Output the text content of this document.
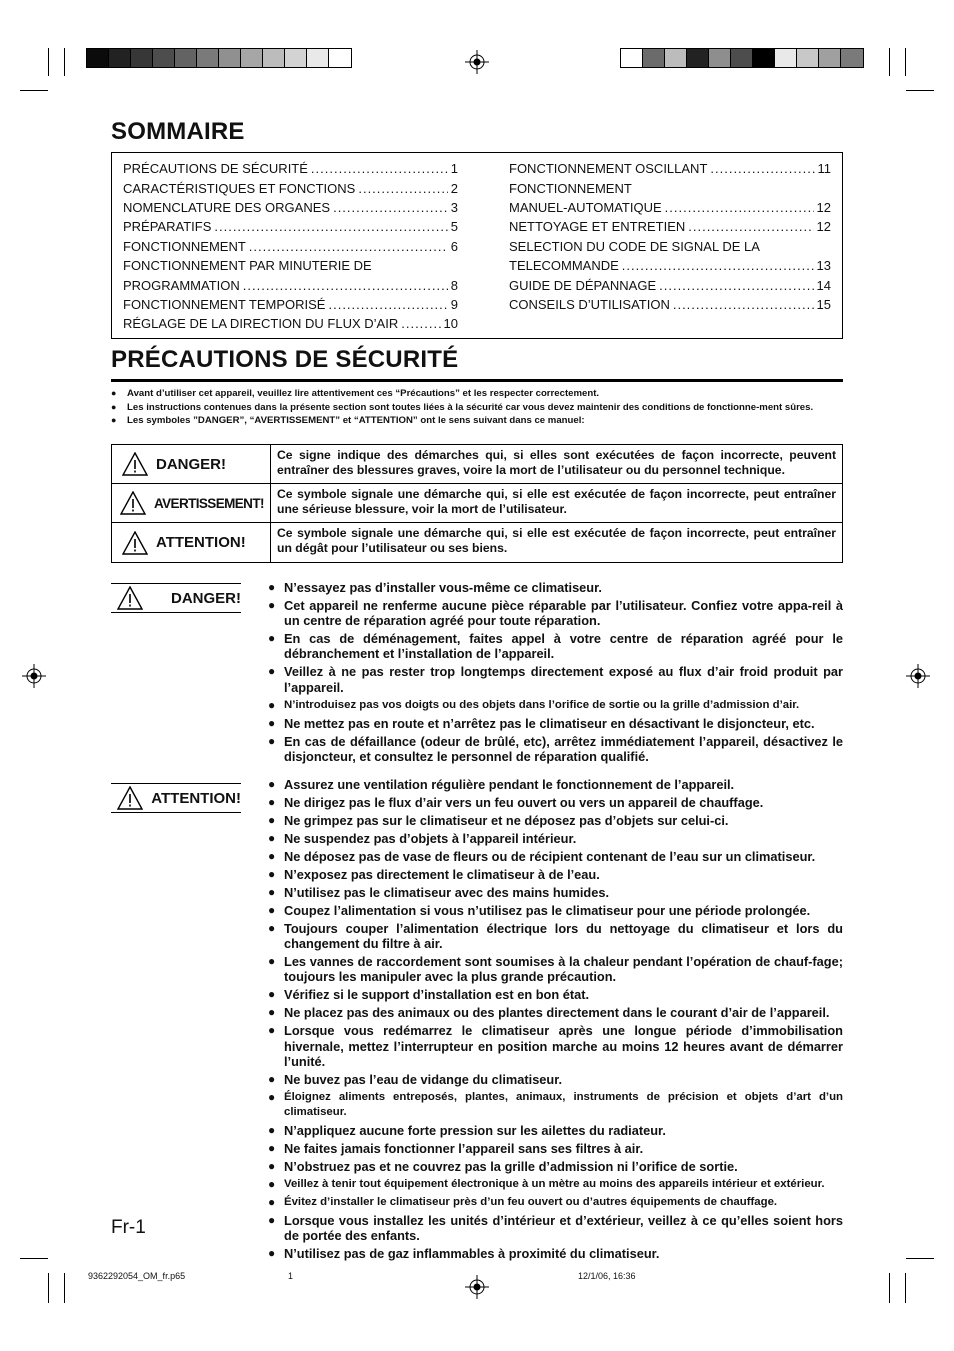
SOMMAIRE
PRÉCAUTIONS DE SÉCURITÉ .....	1
CARACTÉRISTIQUES ET FONCTIONS .....	2
NOMENCLATURE DES ORGANES .....	3
PRÉPARATIFS .....	5
FONCTIONNEMENT .....	6
FONCTIONNEMENT PAR MINUTERIE DE
PROGRAMMATION .....	8
FONCTIONNEMENT TEMPORISÉ .....	9
RÉGLAGE DE LA DIRECTION DU FLUX D’AIR .....	10
FONCTIONNEMENT OSCILLANT .....	11
FONCTIONNEMENT
MANUEL-AUTOMATIQUE .....	12
NETTOYAGE ET ENTRETIEN .....	12
SELECTION DU CODE DE SIGNAL DE LA
TELECOMMANDE .....	13
GUIDE DE DÉPANNAGE .....	14
CONSEILS D’UTILISATION .....	15
PRÉCAUTIONS DE SÉCURITÉ
● Avant d’utiliser cet appareil, veuillez lire attentivement ces “Précautions” et les respecter correctement.
● Les instructions contenues dans la présente section sont toutes liées à la sécurité car vous devez maintenir des conditions de fonctionne-ment sûres.
● Les symboles ”DANGER”, “AVERTISSEMENT” et “ATTENTION” ont le sens suivant dans ce manuel:
DANGER!
Ce signe indique des démarches qui, si elles sont exécutées de façon incorrecte, peuvent entraîner des blessures graves, voire la mort de l’utilisateur ou du personnel technique.
AVERTISSEMENT!
Ce symbole signale une démarche qui, si elle est exécutée de façon incorrecte, peut entraîner une sérieuse blessure, voir la mort de l’utilisateur.
ATTENTION!
Ce symbole signale une démarche qui, si elle est exécutée de façon incorrecte, peut entraîner un dégât pour l’utilisateur ou ses biens.
DANGER!
● N’essayez pas d’installer vous-même ce climatiseur.
● Cet appareil ne renferme aucune pièce réparable par l’utilisateur. Confiez votre appa-reil à un centre de réparation agréé pour toute réparation.
● En cas de déménagement, faites appel à votre centre de réparation agréé pour le débranchement et l’installation de l’appareil.
● Veillez à ne pas rester trop longtemps directement exposé au flux d’air froid produit par l’appareil.
● N’introduisez pas vos doigts ou des objets dans l’orifice de sortie ou la grille d’admission d’air.
● Ne mettez pas en route et n’arrêtez pas le climatiseur en désactivant le disjoncteur, etc.
● En cas de défaillance (odeur de brûlé, etc), arrêtez immédiatement l’appareil, désactivez le disjoncteur, et consultez le personnel de réparation qualifié.
ATTENTION!
● Assurez une ventilation régulière pendant le fonctionnement de l’appareil.
● Ne dirigez pas le flux d’air vers un feu ouvert ou vers un appareil de chauffage.
● Ne grimpez pas sur le climatiseur et ne déposez pas d’objets sur celui-ci.
● Ne suspendez pas d’objets à l’appareil intérieur.
● Ne déposez pas de vase de fleurs ou de récipient contenant de l’eau sur un climatiseur.
● N’exposez pas directement le climatiseur à de l’eau.
● N’utilisez pas le climatiseur avec des mains humides.
● Coupez l’alimentation si vous n’utilisez pas le climatiseur pour une période prolongée.
● Toujours couper l’alimentation électrique lors du nettoyage du climatiseur et lors du changement du filtre à air.
● Les vannes de raccordement sont soumises à la chaleur pendant l’opération de chauf-fage; toujours les manipuler avec la plus grande précaution.
● Vérifiez si le support d’installation est en bon état.
● Ne placez pas des animaux ou des plantes directement dans le courant d’air de l’appareil.
● Lorsque vous redémarrez le climatiseur après une longue période d’immobilisation hivernale, mettez l’interrupteur en position marche au moins 12 heures avant de démarrer l’unité.
● Ne buvez pas l’eau de vidange du climatiseur.
● Éloignez aliments entreposés, plantes, animaux, instruments de précision et objets d’art d’un climatiseur.
● N’appliquez aucune forte pression sur les ailettes du radiateur.
● Ne faites jamais fonctionner l’appareil sans ses filtres à air.
● N’obstruez pas et ne couvrez pas la grille d’admission ni l’orifice de sortie.
● Veillez à tenir tout équipement électronique à un mètre au moins des appareils intérieur et extérieur.
● Évitez d’installer le climatiseur près d’un feu ouvert ou d’autres équipements de chauffage.
● Lorsque vous installez les unités d’intérieur et d’extérieur, veillez à ce qu’elles soient hors de portée des enfants.
● N’utilisez pas de gaz inflammables à proximité du climatiseur.
Fr-1
9362292054_OM_fr.p65	1	12/1/06, 16:36
